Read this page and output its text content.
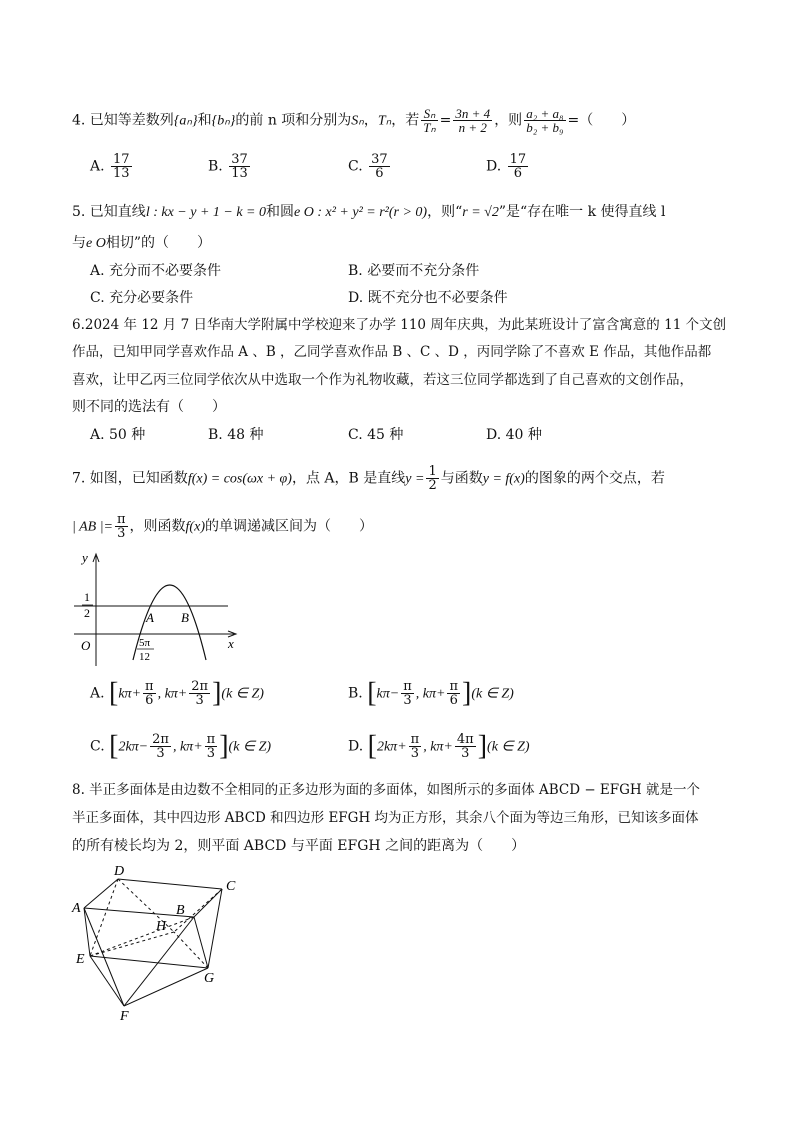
4. 已知等差数列{aₙ}和{bₙ}的前 n 项和分别为Sₙ，Tₙ，若 $\frac{\text{Sₙ}}{\text{Tₙ}} = \frac{3n + 4}{n + 2}$ ，则 $\frac{\text{a₂ + a₈}}{\text{b₂ + b₉}}$ =（　　）
A. $\frac{17}{13}$	B. $\frac{37}{13}$	C. $\frac{37}{6}$	D. $\frac{17}{6}$
5. 已知直线l : kx − y + 1 − k = 0和圆e O : x² + y² = r²(r > 0)，则“r = √2”是“存在唯一 k 使得直线 l
与e O相切”的（　　）
A. 充分而不必要条件	B. 必要而不充分条件
C. 充分必要条件	D. 既不充分也不必要条件
6.2024 年 12 月 7 日华南大学附属中学校迎来了办学 110 周年庆典，为此某班设计了富含寓意的 11 个文创
作品，已知甲同学喜欢作品 A 、B ，乙同学喜欢作品 B 、C 、D ，丙同学除了不喜欢 E 作品，其他作品都
喜欢，让甲乙丙三位同学依次从中选取一个作为礼物收藏，若这三位同学都选到了自己喜欢的文创作品，
则不同的选法有（　　）
A. 50 种	B. 48 种	C. 45 种	D. 40 种
7. 如图，已知函数f(x) = cos(ωx + φ)，点 A，B 是直线$y = \frac{1}{2}$ 与函数y = f(x)的图象的两个交点，若
| AB |= $\frac{\pi}{3}$ ，则函数f(x)的单调递减区间为（　　）
y
x
O
1
2	A B
5π
12
A. [$k\pi+ \frac{\pi}{6}$ , $k\pi+ \frac{2\pi}{3} ](k$ ∈ Z)	B. [$k\pi- \frac{\pi}{3}$ , $k\pi+ \frac{\pi}{6} ](k$ ∈ Z)
C. [$2k\pi- \frac{2\pi}{3}$ , $k\pi+ \frac{\pi}{3} ](k$ ∈ Z)	D. [$2k\pi+ \frac{\pi}{3}$ , $k\pi+ \frac{4\pi}{3} ](k$ ∈ Z)
8. 半正多面体是由边数不全相同的正多边形为面的多面体，如图所示的多面体 ABCD − EFGH 就是一个
半正多面体，其中四边形 ABCD 和四边形 EFGH 均为正方形，其余八个面为等边三角形，已知该多面体
的所有棱长均为 2，则平面 ABCD 与平面 EFGH 之间的距离为（　　）
A	B
C
D
E
F
G
H
